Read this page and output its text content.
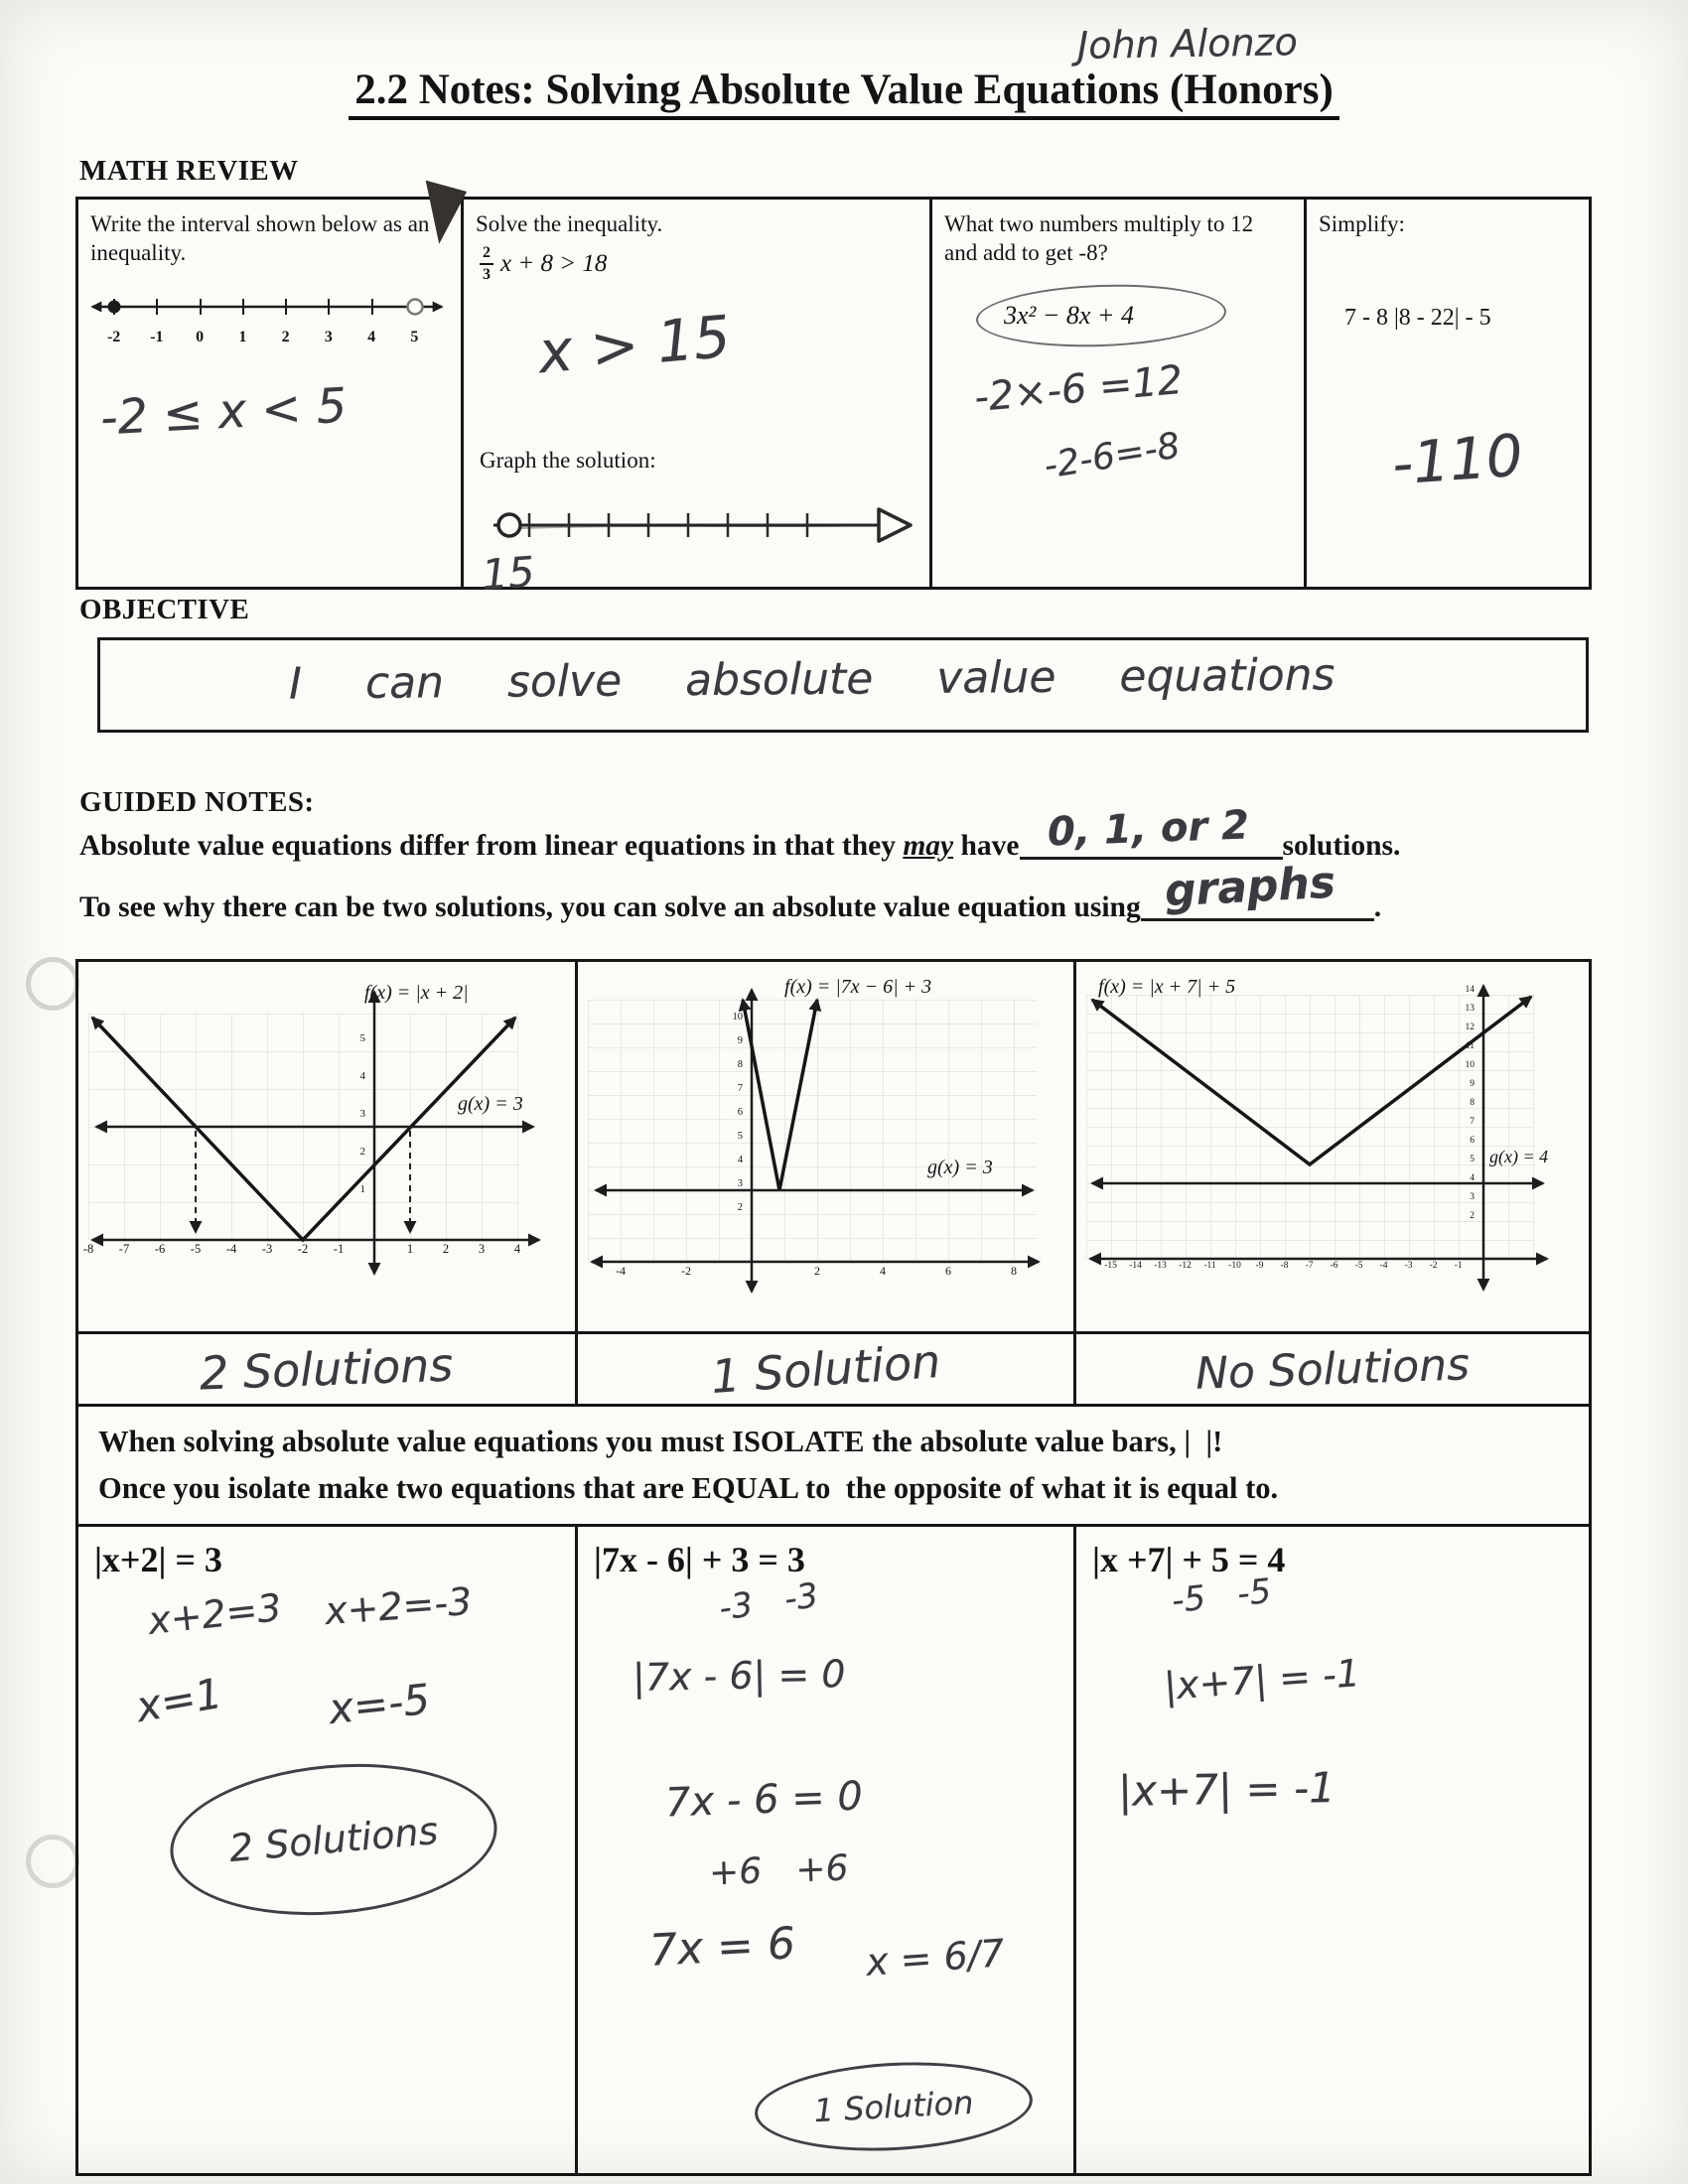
John Alonzo
2.2 Notes: Solving Absolute Value Equations (Honors)
MATH REVIEW
Write the interval shown below as an inequality.
-2	-1	0	1	2	3	4	5
-2 ≤ x < 5
Solve the inequality.
$\frac{2}{3}$ x + 8 > 18
x > 15
Graph the solution:
15
What two numbers multiply to 12 and add to get -8?
3x² − 8x + 4
-2×-6 =12
-2-6=-8
Simplify:
7 - 8 |8 - 22| - 5
-110
OBJECTIVE
I  can  solve  absolute  value  equations
GUIDED NOTES:
Absolute value equations differ from linear equations in that they may have 0, 1, or 2 solutions.
To see why there can be two solutions, you can solve an absolute value equation using graphs .
f(x) = |x + 2|
g(x) = 3
-8	-7	-6	-5	-4	-3	-2	-1	1	2	3	4
5
4
3
2
1
f(x) = |7x − 6| + 3
g(x) = 3
-4	-2	2	4	6	8
10
9
8
7
6
5
4
3
2
f(x) = |x + 7| + 5
g(x) = 4
-15	-14	-13	-12	-11	-10	-9	-8	-7	-6	-5	-4	-3	-2	-1
14
13
12
11
10
9
8
7
6
5
4
3
2
2 Solutions	1 Solution	No Solutions
When solving absolute value equations you must ISOLATE the absolute value bars, |  |!
Once you isolate make two equations that are EQUAL to  the opposite of what it is equal to.
|x+2| = 3
x+2=3 x+2=-3
x=1 x=-5
2 Solutions
|7x - 6| + 3 = 3
-3   -3
|7x - 6| = 0
7x - 6 = 0
+6   +6
7x = 6 x = 6/7
1 Solution
|x +7| + 5 = 4
-5   -5
|x+7| = -1
|x+7| = -1
